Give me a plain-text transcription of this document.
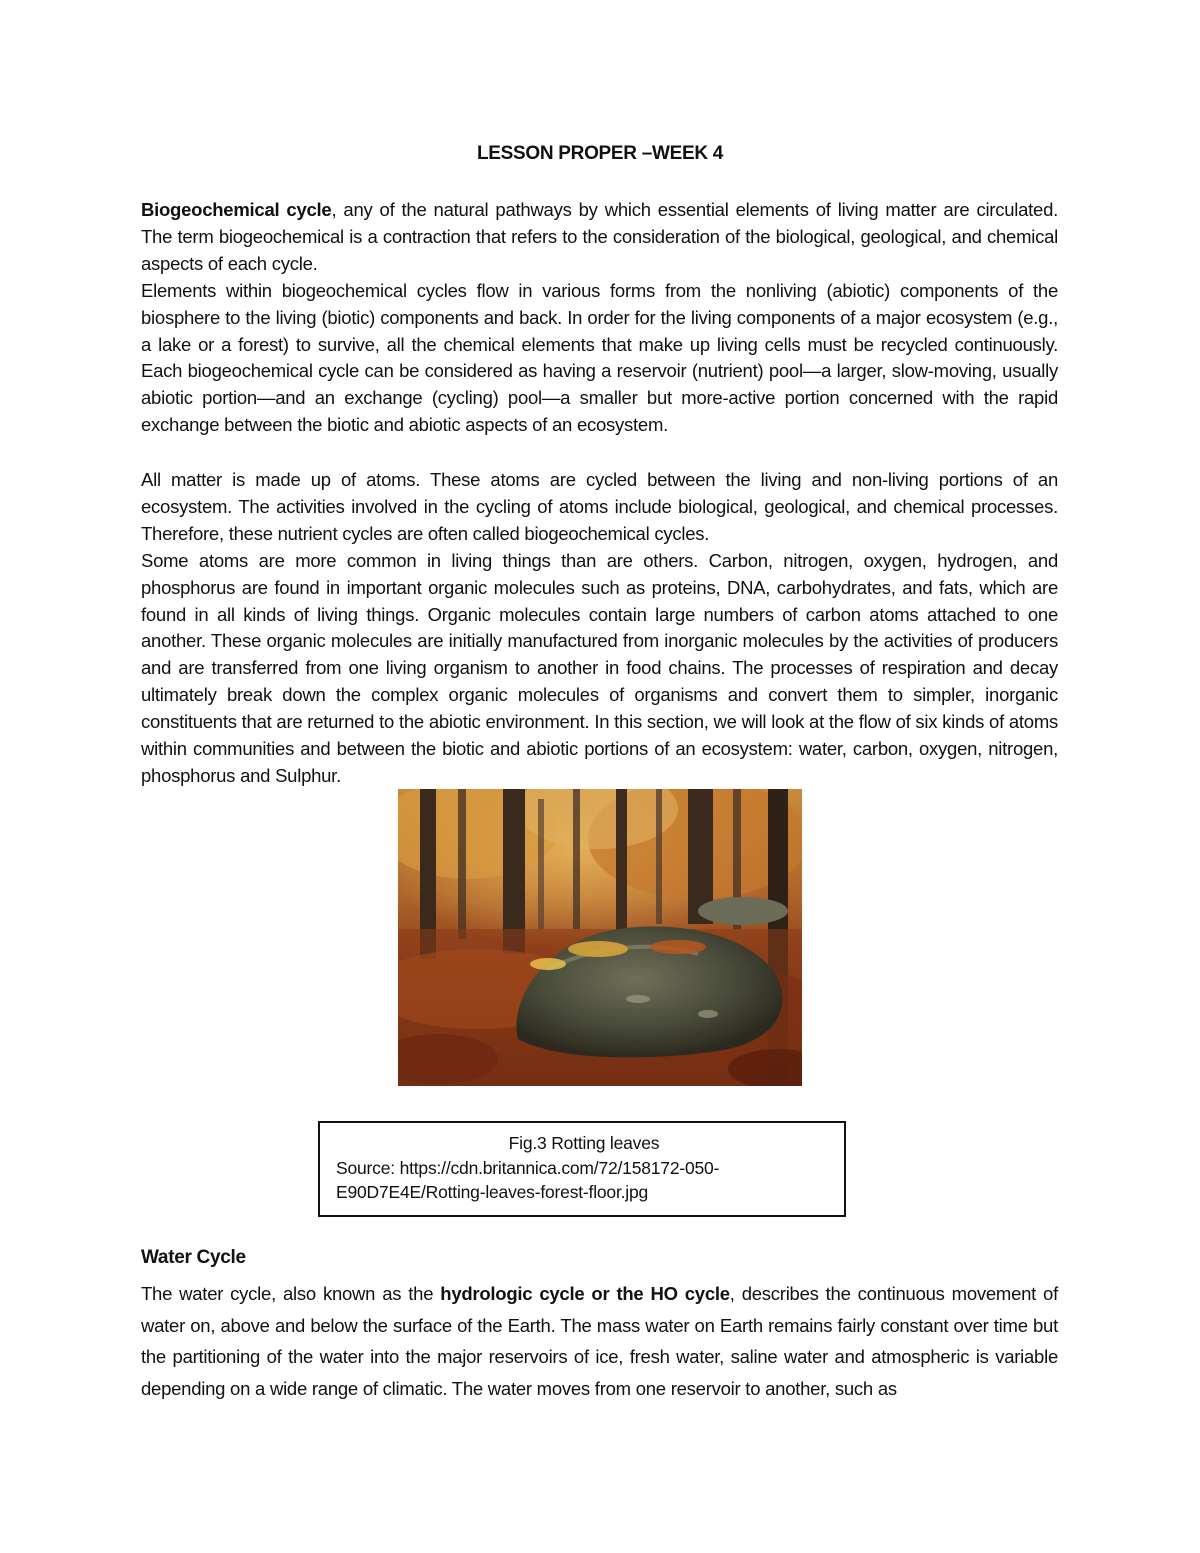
LESSON PROPER –WEEK 4

Biogeochemical cycle, any of the natural pathways by which essential elements of living matter are circulated. The term biogeochemical is a contraction that refers to the consideration of the biological, geological, and chemical aspects of each cycle.

Elements within biogeochemical cycles flow in various forms from the nonliving (abiotic) components of the biosphere to the living (biotic) components and back. In order for the living components of a major ecosystem (e.g., a lake or a forest) to survive, all the chemical elements that make up living cells must be recycled continuously. Each biogeochemical cycle can be considered as having a reservoir (nutrient) pool—a larger, slow-moving, usually abiotic portion—and an exchange (cycling) pool—a smaller but more-active portion concerned with the rapid exchange between the biotic and abiotic aspects of an ecosystem.

All matter is made up of atoms. These atoms are cycled between the living and non-living portions of an ecosystem. The activities involved in the cycling of atoms include biological, geological, and chemical processes. Therefore, these nutrient cycles are often called biogeochemical cycles.

Some atoms are more common in living things than are others. Carbon, nitrogen, oxygen, hydrogen, and phosphorus are found in important organic molecules such as proteins, DNA, carbohydrates, and fats, which are found in all kinds of living things. Organic molecules contain large numbers of carbon atoms attached to one another. These organic molecules are initially manufactured from inorganic molecules by the activities of producers and are transferred from one living organism to another in food chains. The processes of respiration and decay ultimately break down the complex organic molecules of organisms and convert them to simpler, inorganic constituents that are returned to the abiotic environment. In this section, we will look at the flow of six kinds of atoms within communities and between the biotic and abiotic portions of an ecosystem: water, carbon, oxygen, nitrogen, phosphorus and Sulphur.

Fig.3 Rotting leaves
Source: https://cdn.britannica.com/72/158172-050-E90D7E4E/Rotting-leaves-forest-floor.jpg
Water Cycle

The water cycle, also known as the hydrologic cycle or the HO cycle, describes the continuous movement of water on, above and below the surface of the Earth. The mass water on Earth remains fairly constant over time but the partitioning of the water into the major reservoirs of ice, fresh water, saline water and atmospheric is variable depending on a wide range of climatic. The water moves from one reservoir to another, such as
